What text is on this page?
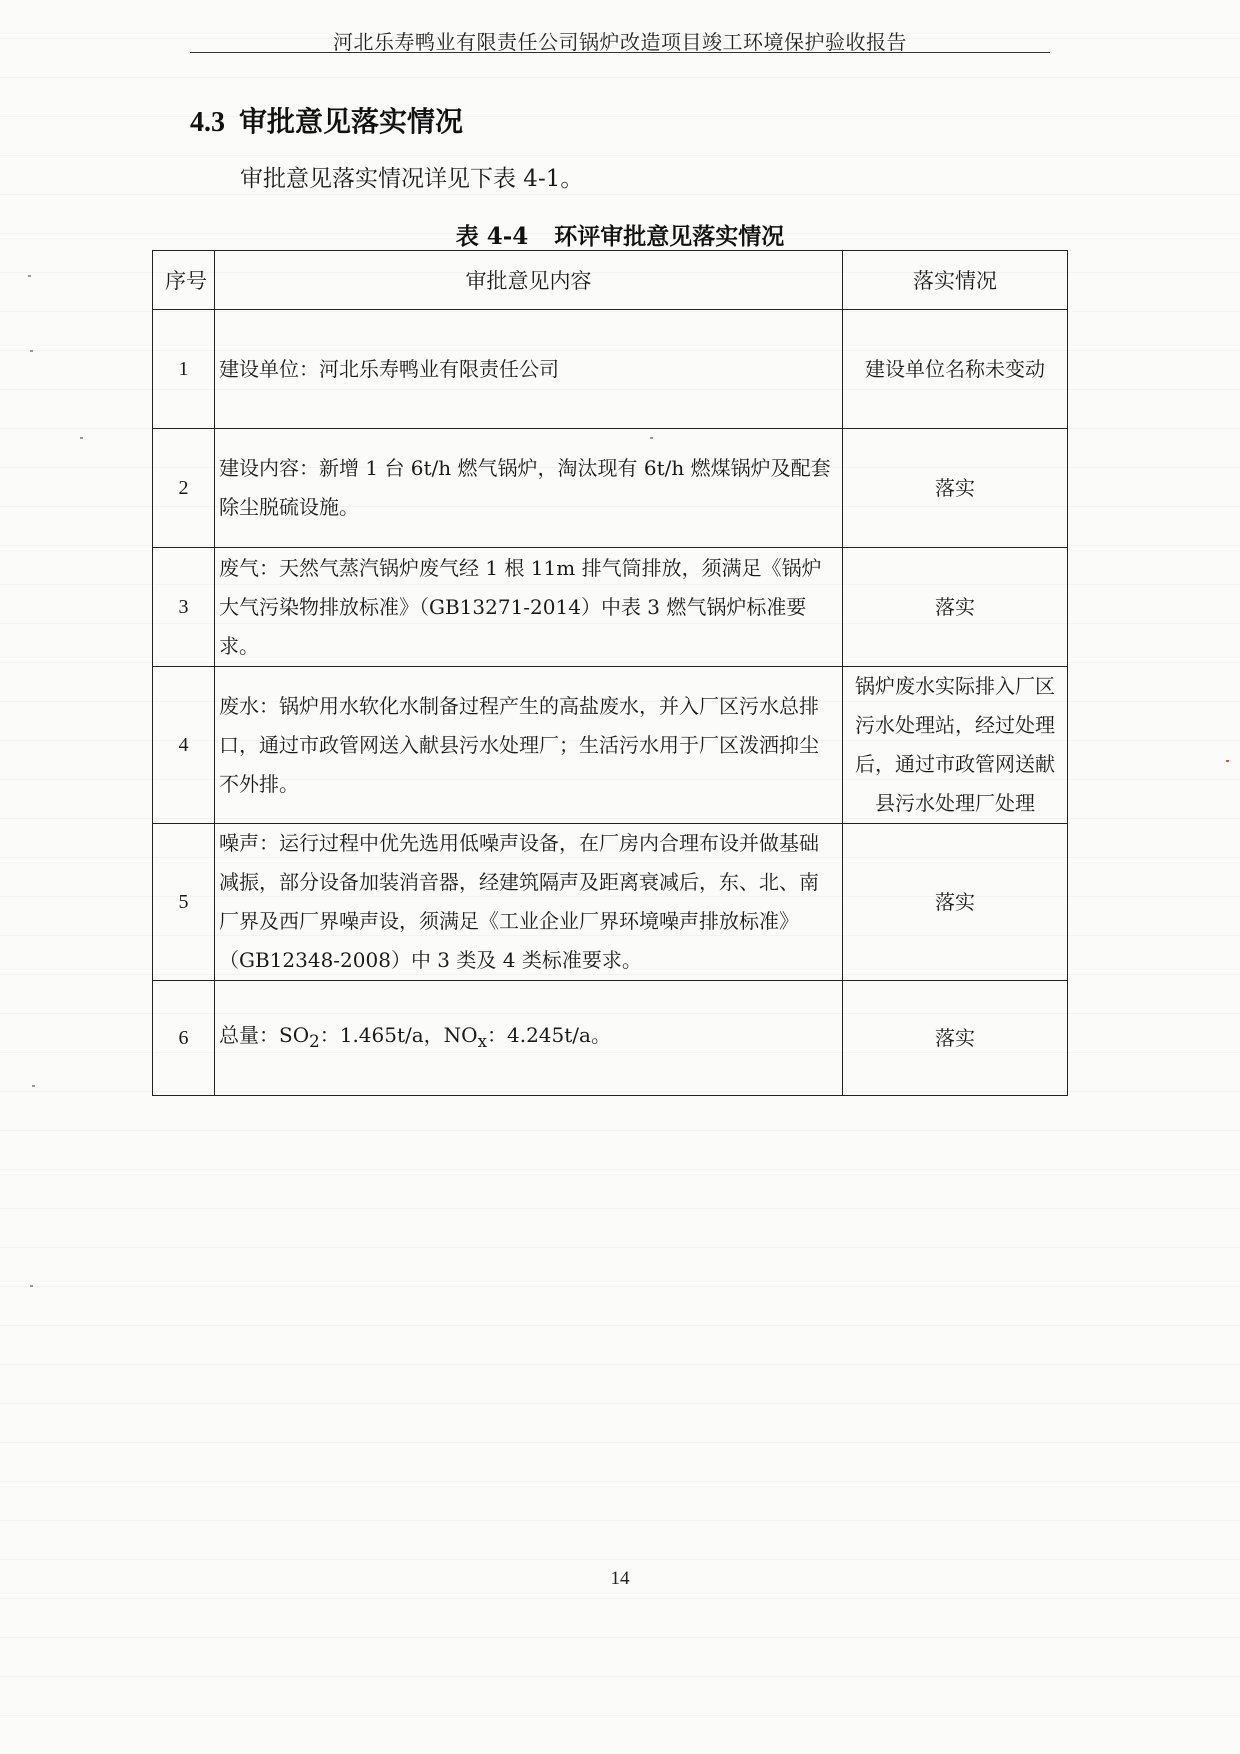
河北乐寿鸭业有限责任公司锅炉改造项目竣工环境保护验收报告
4.3 审批意见落实情况
审批意见落实情况详见下表 4-1。
表 4-4 环评审批意见落实情况
序号	审批意见内容	落实情况
1	建设单位：河北乐寿鸭业有限责任公司	建设单位名称未变动
2	建设内容：新增 1 台 6t/h 燃气锅炉，淘汰现有 6t/h 燃煤锅炉及配套除尘脱硫设施。	落实
3	废气：天然气蒸汽锅炉废气经 1 根 11m 排气筒排放，须满足《锅炉大气污染物排放标准》（GB13271-2014）中表 3 燃气锅炉标准要求。	落实
4	废水：锅炉用水软化水制备过程产生的高盐废水，并入厂区污水总排口，通过市政管网送入献县污水处理厂；生活污水用于厂区泼洒抑尘不外排。	锅炉废水实际排入厂区污水处理站，经过处理后，通过市政管网送献县污水处理厂处理
5	噪声：运行过程中优先选用低噪声设备，在厂房内合理布设并做基础减振，部分设备加装消音器，经建筑隔声及距离衰减后，东、北、南厂界及西厂界噪声设，须满足《工业企业厂界环境噪声排放标准》（GB12348-2008）中 3 类及 4 类标准要求。	落实
6	总量：$SO_2$：1.465t/a，$NO_x$：4.245t/a。	落实
14
